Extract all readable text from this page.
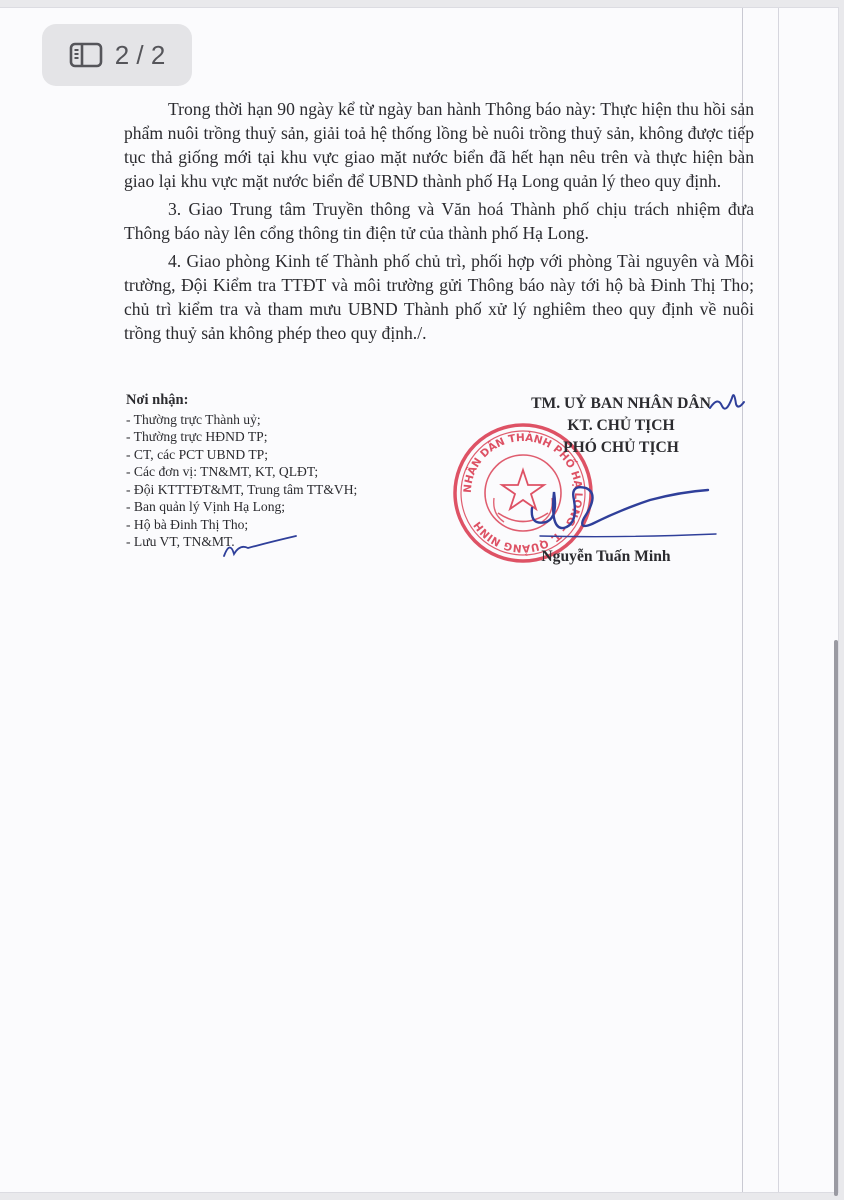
2 / 2

Trong thời hạn 90 ngày kể từ ngày ban hành Thông báo này: Thực hiện thu hồi sản phẩm nuôi trồng thuỷ sản, giải toả hệ thống lồng bè nuôi trồng thuỷ sản, không được tiếp tục thả giống mới tại khu vực giao mặt nước biển đã hết hạn nêu trên và thực hiện bàn giao lại khu vực mặt nước biển để UBND thành phố Hạ Long quản lý theo quy định.

3. Giao Trung tâm Truyền thông và Văn hoá Thành phố chịu trách nhiệm đưa Thông báo này lên cổng thông tin điện tử của thành phố Hạ Long.

4. Giao phòng Kinh tế Thành phố chủ trì, phối hợp với phòng Tài nguyên và Môi trường, Đội Kiểm tra TTĐT và môi trường gửi Thông báo này tới hộ bà Đinh Thị Tho; chủ trì kiểm tra và tham mưu UBND Thành phố xử lý nghiêm theo quy định về nuôi trồng thuỷ sản không phép theo quy định./.

Nơi nhận:
- Thường trực Thành uỷ;
- Thường trực HĐND TP;
- CT, các PCT UBND TP;
- Các đơn vị: TN&MT, KT, QLĐT;
- Đội KTTTĐT&MT, Trung tâm TT&VH;
- Ban quản lý Vịnh Hạ Long;
- Hộ bà Đinh Thị Tho;
- Lưu VT, TN&MT.
NHÂN DÂN THÀNH PHỐ HẠ LONG - T. QUẢNG NINH
TM. UỶ BAN NHÂN DÂN
KT. CHỦ TỊCH
PHÓ CHỦ TỊCH
Nguyễn Tuấn Minh
